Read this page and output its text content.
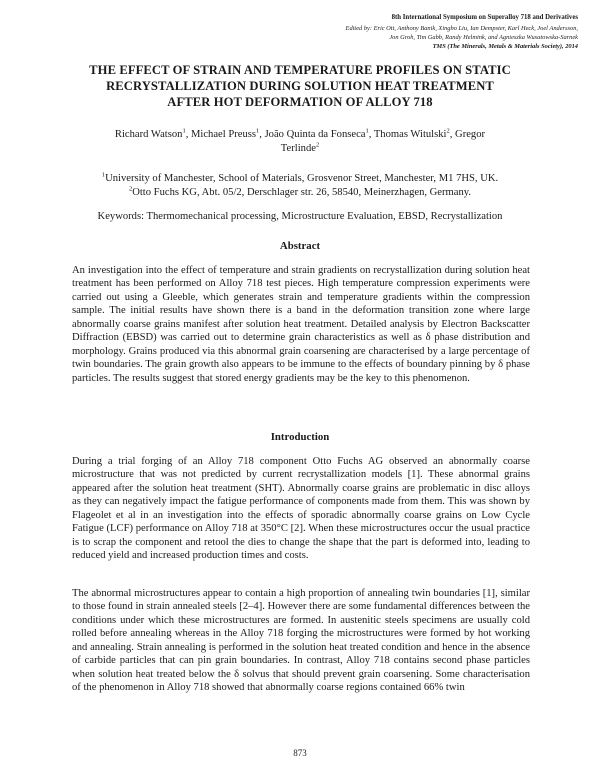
8th International Symposium on Superalloy 718 and Derivatives
Edited by: Eric Ott, Anthony Banik, Xingbo Liu, Ian Dempster, Karl Heck, Joel Andersson,
Jon Groh, Tim Gabb, Randy Helmink, and Agnieszka Wusatowska-Sarnek
TMS (The Minerals, Metals & Materials Society), 2014
THE EFFECT OF STRAIN AND TEMPERATURE PROFILES ON STATIC
RECRYSTALLIZATION DURING SOLUTION HEAT TREATMENT
AFTER HOT DEFORMATION OF ALLOY 718
Richard Watson$^1$, Michael Preuss$^1$, João Quinta da Fonseca$^1$, Thomas Witulski$^2$, Gregor
Terlinde$^2$
$^1$University of Manchester, School of Materials, Grosvenor Street, Manchester, M1 7HS, UK.
$^2$Otto Fuchs KG, Abt. 05/2, Derschlager str. 26, 58540, Meinerzhagen, Germany.
Keywords: Thermomechanical processing, Microstructure Evaluation, EBSD, Recrystallization
Abstract

An investigation into the effect of temperature and strain gradients on recrystallization during solution heat treatment has been performed on Alloy 718 test pieces. High temperature compression experiments were carried out using a Gleeble, which generates strain and temperature gradients within the compression sample. The initial results have shown there is a band in the deformation transition zone where large abnormally coarse grains manifest after solution heat treatment. Detailed analysis by Electron Backscatter Diffraction (EBSD) was carried out to determine grain characteristics as well as δ phase distribution and morphology. Grains produced via this abnormal grain coarsening are characterised by a large percentage of twin boundaries. The grain growth also appears to be immune to the effects of boundary pinning by δ phase particles. The results suggest that stored energy gradients may be the key to this phenomenon.

Introduction

During a trial forging of an Alloy 718 component Otto Fuchs AG observed an abnormally coarse microstructure that was not predicted by current recrystallization models [1]. These abnormal grains appeared after the solution heat treatment (SHT). Abnormally coarse grains are problematic in disc alloys as they can negatively impact the fatigue performance of components made from them. This was shown by Flageolet et al in an investigation into the effects of sporadic abnormally coarse grains on Low Cycle Fatigue (LCF) performance on Alloy 718 at 350°C [2]. When these microstructures occur the usual practice is to scrap the component and retool the dies to change the shape that the part is deformed into, leading to reduced yield and increased production times and costs.

The abnormal microstructures appear to contain a high proportion of annealing twin boundaries [1], similar to those found in strain annealed steels [2–4]. However there are some fundamental differences between the conditions under which these microstructures are formed. In austenitic steels specimens are usually cold rolled before annealing whereas in the Alloy 718 forging the microstructures were formed by hot working and annealing. Strain annealing is performed in the solution heat treated condition and hence in the absence of carbide particles that can pin grain boundaries. In contrast, Alloy 718 contains second phase particles when solution heat treated below the δ solvus that should prevent grain coarsening. Some characterisation of the phenomenon in Alloy 718 showed that abnormally coarse regions contained 66% twin

873
